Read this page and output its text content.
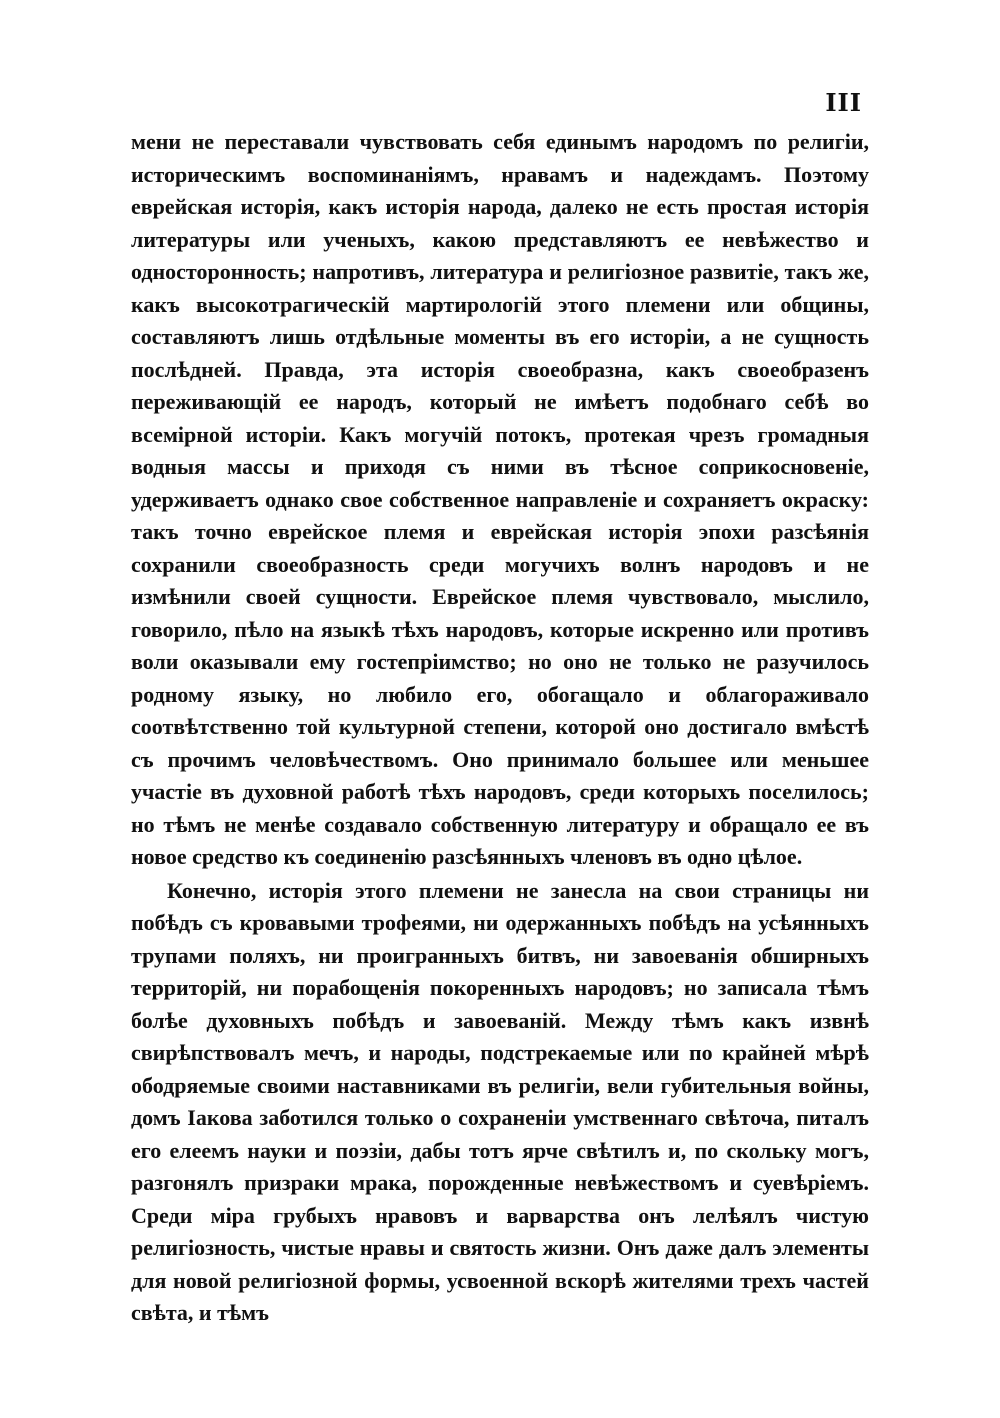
III

мени не переставали чувствовать себя единымъ народомъ по религіи, историческимъ воспоминаніямъ, нравамъ и надеждамъ. Поэтому еврейская исторія, какъ исторія народа, далеко не есть простая исторія литературы или ученыхъ, какою представляютъ ее невѣжество и односторонность; напротивъ, литература и религіозное развитіе, такъ же, какъ высокотрагическій мартирологій этого племени или общины, составляютъ лишь отдѣльные моменты въ его исторіи, а не сущность послѣдней. Правда, эта исторія своеобразна, какъ своеобразенъ переживающій ее народъ, который не имѣетъ подобнаго себѣ во всемірной исторіи. Какъ могучій потокъ, протекая чрезъ громадныя водныя массы и приходя съ ними въ тѣсное соприкосновеніе, удерживаетъ однако свое собственное направленіе и сохраняетъ окраску: такъ точно еврейское племя и еврейская исторія эпохи разсѣянія сохранили своеобразность среди могучихъ волнъ народовъ и не измѣнили своей сущности. Еврейское племя чувствовало, мыслило, говорило, пѣло на языкѣ тѣхъ народовъ, которые искренно или противъ воли оказывали ему гостепріимство; но оно не только не разучилось родному языку, но любило его, обогащало и облагораживало соотвѣтственно той культурной степени, которой оно достигало вмѣстѣ съ прочимъ человѣчествомъ. Оно принимало большее или меньшее участіе въ духовной работѣ тѣхъ народовъ, среди которыхъ поселилось; но тѣмъ не менѣе создавало собственную литературу и обращало ее въ новое средство къ соединенію разсѣянныхъ членовъ въ одно цѣлое.

Конечно, исторія этого племени не занесла на свои страницы ни побѣдъ съ кровавыми трофеями, ни одержанныхъ побѣдъ на усѣянныхъ трупами поляхъ, ни проигранныхъ битвъ, ни завоеванія обширныхъ территорій, ни порабощенія покоренныхъ народовъ; но записала тѣмъ болѣе духовныхъ побѣдъ и завоеваній. Между тѣмъ какъ извнѣ свирѣпствовалъ мечъ, и народы, подстрекаемые или по крайней мѣрѣ ободряемые своими наставниками въ религіи, вели губительныя войны, домъ Іакова заботился только о сохраненіи умственнаго свѣточа, питалъ его елеемъ науки и поэзіи, дабы тотъ ярче свѣтилъ и, по скольку могъ, разгонялъ призраки мрака, порожденные невѣжествомъ и суевѣріемъ. Среди міра грубыхъ нравовъ и варварства онъ лелѣялъ чистую религіозность, чистые нравы и святость жизни. Онъ даже далъ элементы для новой религіозной формы, усвоенной вскорѣ жителями трехъ частей свѣта, и тѣмъ
